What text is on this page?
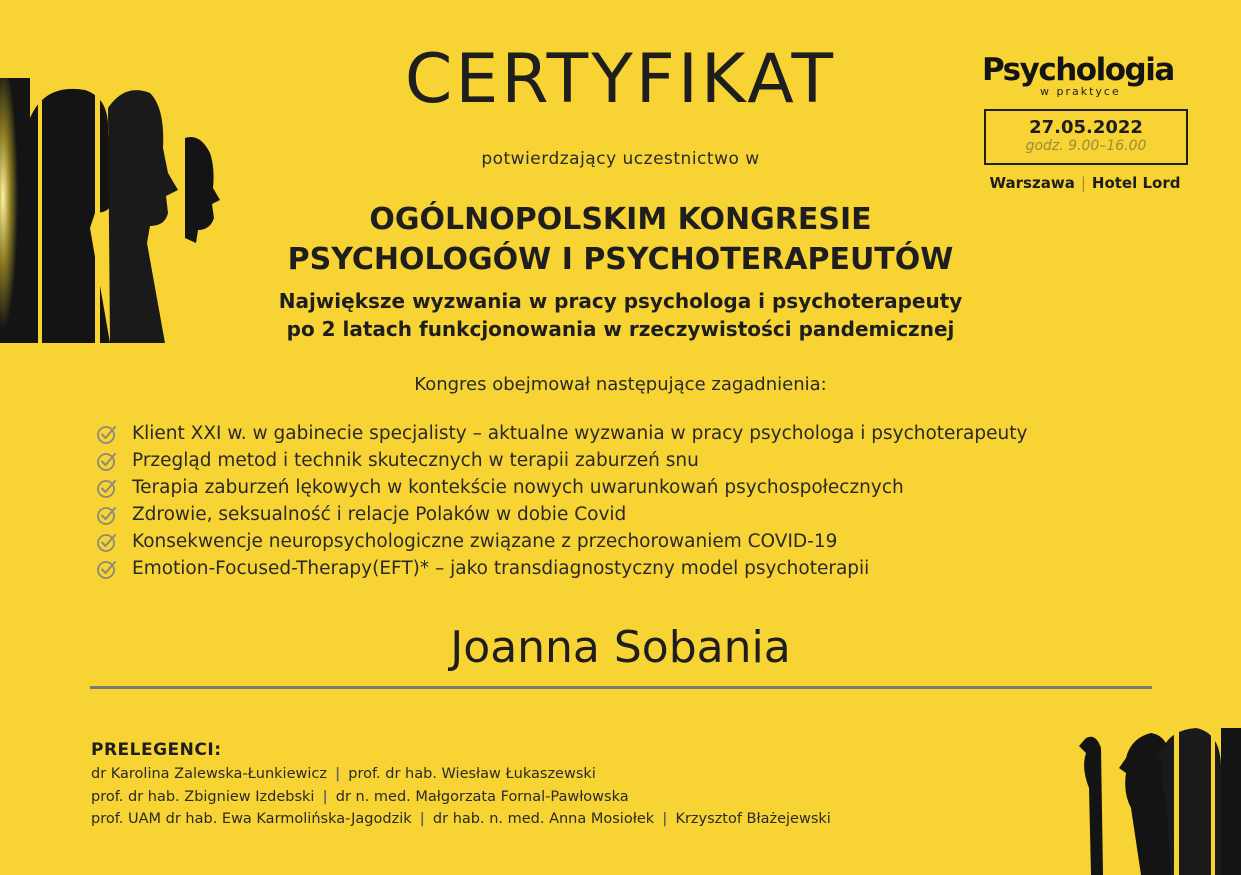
CERTYFIKAT
potwierdzający uczestnictwo w
OGÓLNOPOLSKIM KONGRESIE
PSYCHOLOGÓW I PSYCHOTERAPEUTÓW
Największe wyzwania w pracy psychologa i psychoterapeuty
po 2 latach funkcjonowania w rzeczywistości pandemicznej
Kongres obejmował następujące zagadnienia:
Klient XXI w. w gabinecie specjalisty – aktualne wyzwania w pracy psychologa i psychoterapeuty
Przegląd metod i technik skutecznych w terapii zaburzeń snu
Terapia zaburzeń lękowych w kontekście nowych uwarunkowań psychospołecznych
Zdrowie, seksualność i relacje Polaków w dobie Covid
Konsekwencje neuropsychologiczne związane z przechorowaniem COVID-19
Emotion-Focused-Therapy(EFT)* – jako transdiagnostyczny model psychoterapii
Joanna Sobania
PRELEGENCI:
dr Karolina Zalewska-Łunkiewicz | prof. dr hab. Wiesław Łukaszewski
prof. dr hab. Zbigniew Izdebski | dr n. med. Małgorzata Fornal-Pawłowska
prof. UAM dr hab. Ewa Karmolińska-Jagodzik | dr hab. n. med. Anna Mosiołek | Krzysztof Błażejewski
Psychologia
w praktyce
27.05.2022
godz. 9.00–16.00
Warszawa | Hotel Lord
